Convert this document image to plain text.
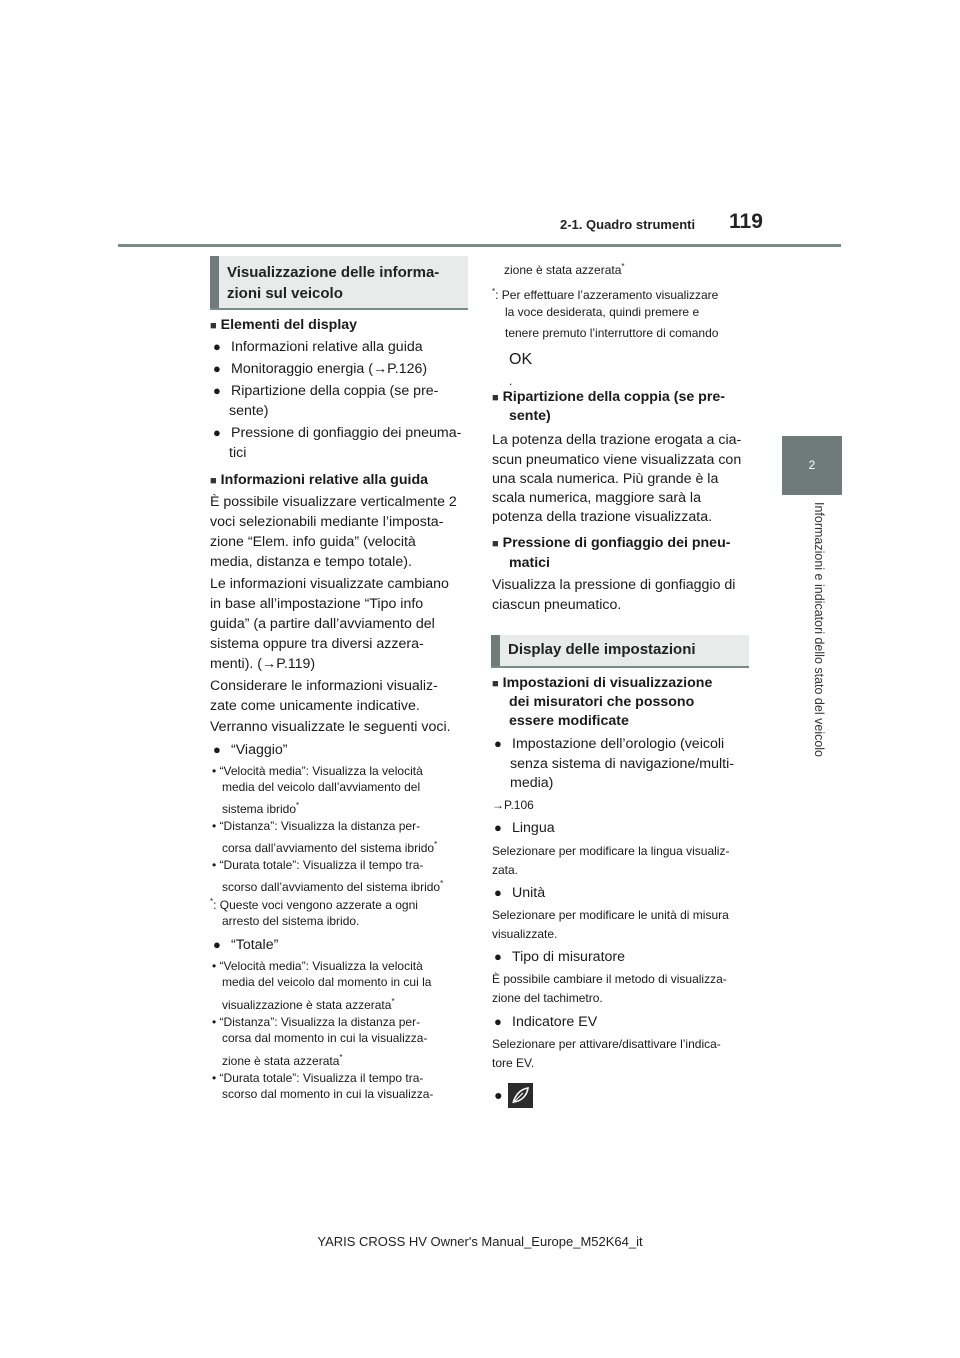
2-1. Quadro strumenti 119
2
Informazioni e indicatori dello stato del veicolo
Visualizzazione delle informa-
zioni sul veicolo
■ Elementi del display
● Informazioni relative alla guida
● Monitoraggio energia (→P.126)
● Ripartizione della coppia (se pre-
sente)
● Pressione di gonfiaggio dei pneuma-
tici
■ Informazioni relative alla guida
È possibile visualizzare verticalmente 2
voci selezionabili mediante l’imposta-
zione “Elem. info guida” (velocità
media, distanza e tempo totale).
Le informazioni visualizzate cambiano
in base all’impostazione “Tipo info
guida” (a partire dall’avviamento del
sistema oppure tra diversi azzera-
menti). (→P.119)
Considerare le informazioni visualiz-
zate come unicamente indicative.
Verranno visualizzate le seguenti voci.
● “Viaggio”
• “Velocità media”: Visualizza la velocità
media del veicolo dall’avviamento del
sistema ibrido*
• “Distanza”: Visualizza la distanza per-
corsa dall’avviamento del sistema ibrido*
• “Durata totale”: Visualizza il tempo tra-
scorso dall’avviamento del sistema ibrido*
*: Queste voci vengono azzerate a ogni
arresto del sistema ibrido.
● “Totale”
• “Velocità media”: Visualizza la velocità
media del veicolo dal momento in cui la
visualizzazione è stata azzerata*
• “Distanza”: Visualizza la distanza per-
corsa dal momento in cui la visualizza-
zione è stata azzerata*
• “Durata totale”: Visualizza il tempo tra-
scorso dal momento in cui la visualizza-
zione è stata azzerata*
*: Per effettuare l’azzeramento visualizzare
la voce desiderata, quindi premere e
tenere premuto l’interruttore di comando
OK .
■ Ripartizione della coppia (se pre-
sente)
La potenza della trazione erogata a cia-
scun pneumatico viene visualizzata con
una scala numerica. Più grande è la
scala numerica, maggiore sarà la
potenza della trazione visualizzata.
■ Pressione di gonfiaggio dei pneu-
matici
Visualizza la pressione di gonfiaggio di
ciascun pneumatico.
Display delle impostazioni
■ Impostazioni di visualizzazione
dei misuratori che possono
essere modificate
● Impostazione dell’orologio (veicoli
senza sistema di navigazione/multi-
media)
→P.106
● Lingua
Selezionare per modificare la lingua visualiz-
zata.
● Unità
Selezionare per modificare le unità di misura
visualizzate.
● Tipo di misuratore
È possibile cambiare il metodo di visualizza-
zione del tachimetro.
● Indicatore EV
Selezionare per attivare/disattivare l’indica-
tore EV.
●
YARIS CROSS HV Owner's Manual_Europe_M52K64_it
